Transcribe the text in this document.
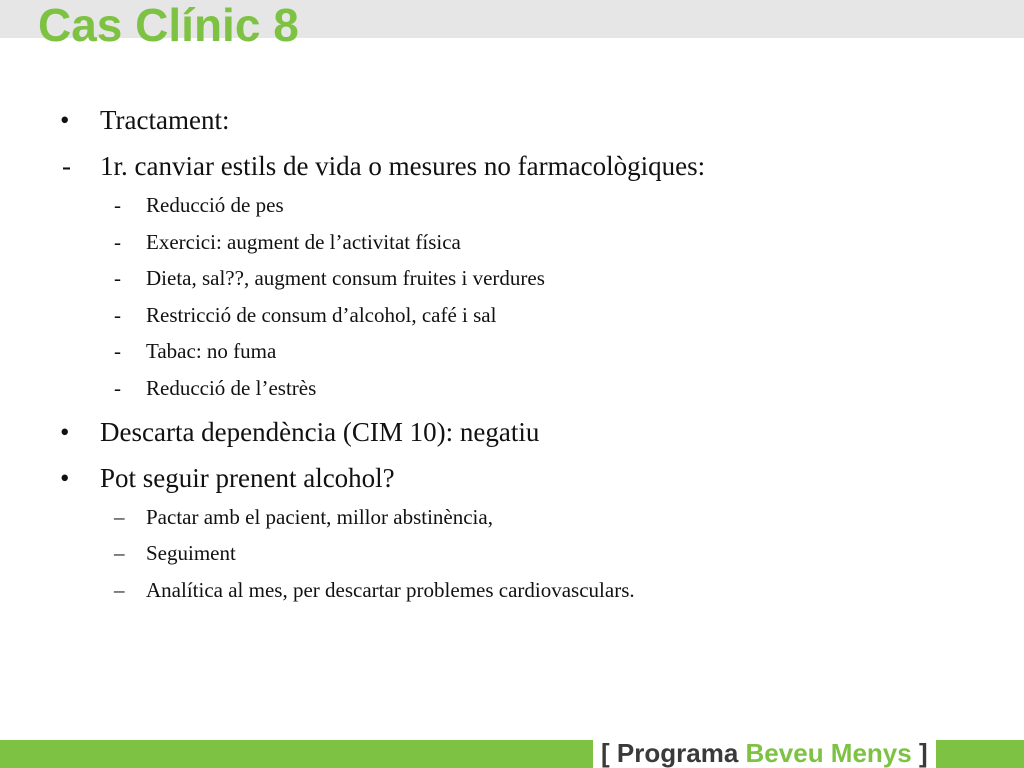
Cas Clínic 8
• Tractament:
- 1r. canviar estils de vida o mesures no farmacològiques:
- Reducció de pes
- Exercici: augment de l’activitat física
- Dieta, sal??, augment consum fruites i verdures
- Restricció de consum d’alcohol, café i sal
- Tabac: no fuma
- Reducció de l’estrès
• Descarta dependència (CIM 10): negatiu
• Pot seguir prenent alcohol?
– Pactar amb el pacient, millor abstinència,
– Seguiment
– Analítica al mes, per descartar problemes cardiovasculars.
[ Programa Beveu Menys ]
